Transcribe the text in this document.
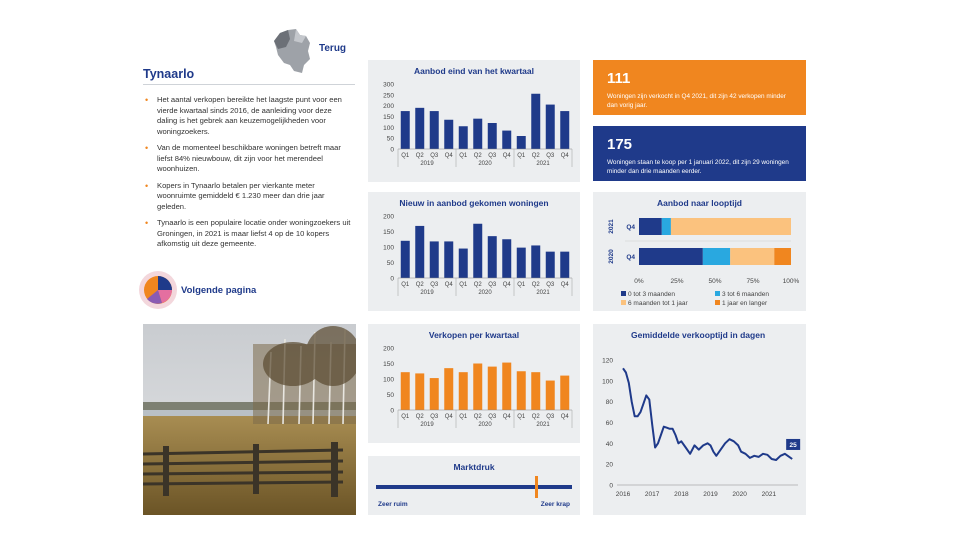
Terug
Tynaarlo
• Het aantal verkopen bereikte het laagste punt voor een vierde kwartaal sinds 2016, de aanleiding voor deze daling is het gebrek aan keuzemogelijkheden voor woningzoekers.
• Van de momenteel beschikbare woningen betreft maar liefst 84% nieuwbouw, dit zijn voor het merendeel woonhuizen.
• Kopers in Tynaarlo betalen per vierkante meter woonruimte gemiddeld € 1.230 meer dan drie jaar geleden.
• Tynaarlo is een populaire locatie onder woningzoekers uit Groningen, in 2021 is maar liefst 4 op de 10 kopers afkomstig uit deze gemeente.
Volgende pagina
Aanbod eind van het kwartaal
0
50
100
150
200
250
300
Q1 Q2 Q3 Q4 Q1 Q2 Q3 Q4 Q1 Q2 Q3 Q4
2019	2020	2021
Nieuw in aanbod gekomen woningen
0
50
100
150
200
Q1 Q2 Q3 Q4 Q1 Q2 Q3 Q4 Q1 Q2 Q3 Q4
2019	2020	2021
Verkopen per kwartaal
0
50
100
150
200
Q1 Q2 Q3 Q4 Q1 Q2 Q3 Q4 Q1 Q2 Q3 Q4
2019	2020	2021
Marktdruk
Zeer ruim	Zeer krap
111
Woningen zijn verkocht in Q4 2021, dit zijn 42 verkopen minder dan vorig jaar.
175
Woningen staan te koop per 1 januari 2022, dit zijn 29 woningen minder dan drie maanden eerder.
Aanbod naar looptijd
Q4
2021
Q4
2020
0%	25%	50%	75%	100%
0 tot 3 maanden	3 tot 6 maanden
6 maanden tot 1 jaar	1 jaar en langer
Gemiddelde verkooptijd in dagen
0
20
40
60
80
100
120
2016 2017 2018 2019 2020 2021
25
